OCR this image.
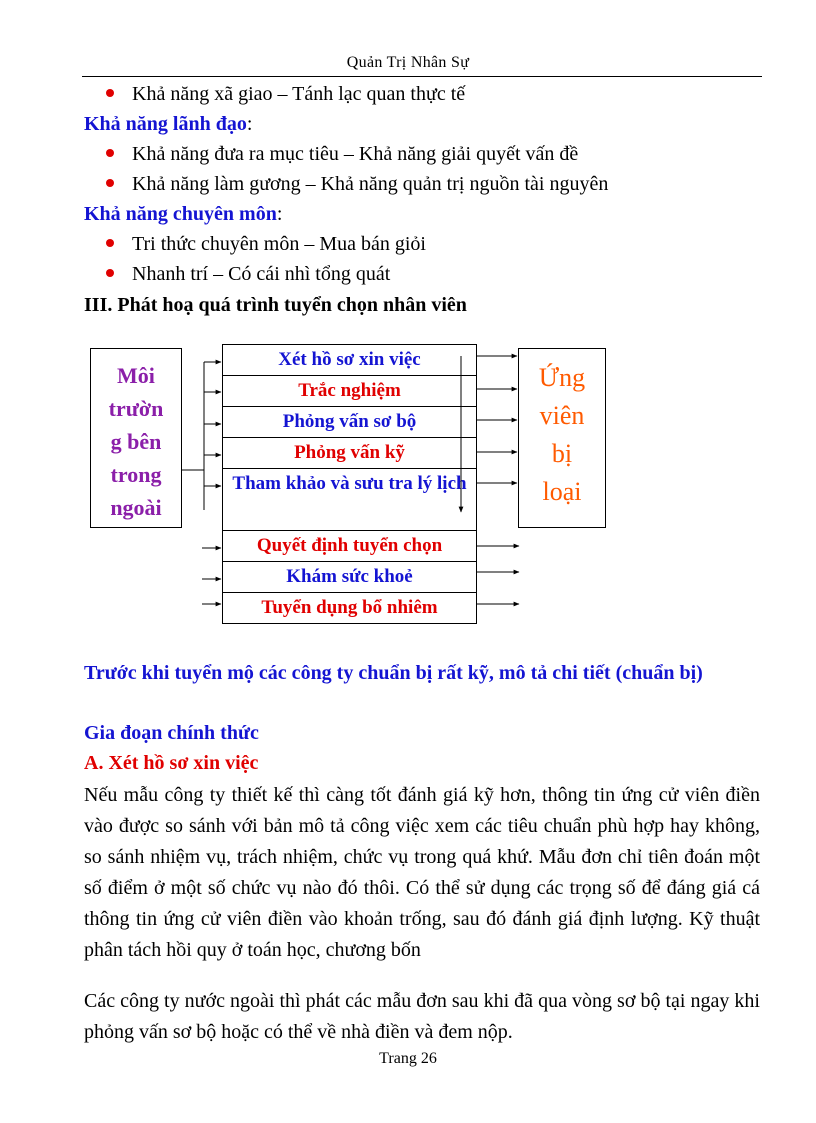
Quản Trị Nhân Sự
Khả năng xã giao – Tánh lạc quan thực tế
Khả năng lãnh đạo:
Khả năng đưa ra mục tiêu – Khả năng giải quyết vấn đề
Khả năng làm gương – Khả năng quản trị nguồn tài nguyên
Khả năng chuyên môn:
Tri thức chuyên môn – Mua bán giỏi
Nhanh trí – Có cái nhì tổng quát
III. Phát hoạ quá trình tuyển chọn nhân viên
Môi
trườn
g bên
trong
ngoài
Xét hồ sơ xin việc
Trắc nghiệm
Phỏng vấn sơ bộ
Phỏng vấn kỹ
Tham khảo và sưu tra lý lịch
Quyết định tuyển chọn
Khám sức khoẻ
Tuyển dụng bổ nhiêm
Ứng
viên
bị
loại
Trước khi tuyển mộ các công ty chuẩn bị rất kỹ, mô tả chi tiết (chuẩn bị)
Gia đoạn chính thức
A. Xét hồ sơ xin việc
Nếu mẫu công ty thiết kế thì càng tốt đánh giá kỹ hơn, thông tin ứng cử viên điền vào được so sánh với bản mô tả công việc xem các tiêu chuẩn phù hợp hay không, so sánh nhiệm vụ, trách nhiệm, chức vụ trong quá khứ. Mẫu đơn chỉ tiên đoán một số điểm ở một số chức vụ nào đó thôi. Có thể sử dụng các trọng số để đáng giá cá thông tin ứng cử viên điền vào khoản trống, sau đó đánh giá định lượng. Kỹ thuật phân tách hồi quy ở toán học, chương bốn
Các công ty nước ngoài thì phát các mẫu đơn sau khi đã qua vòng sơ bộ tại ngay khi phỏng vấn sơ bộ hoặc có thể về nhà điền và đem nộp.
Trang 26
